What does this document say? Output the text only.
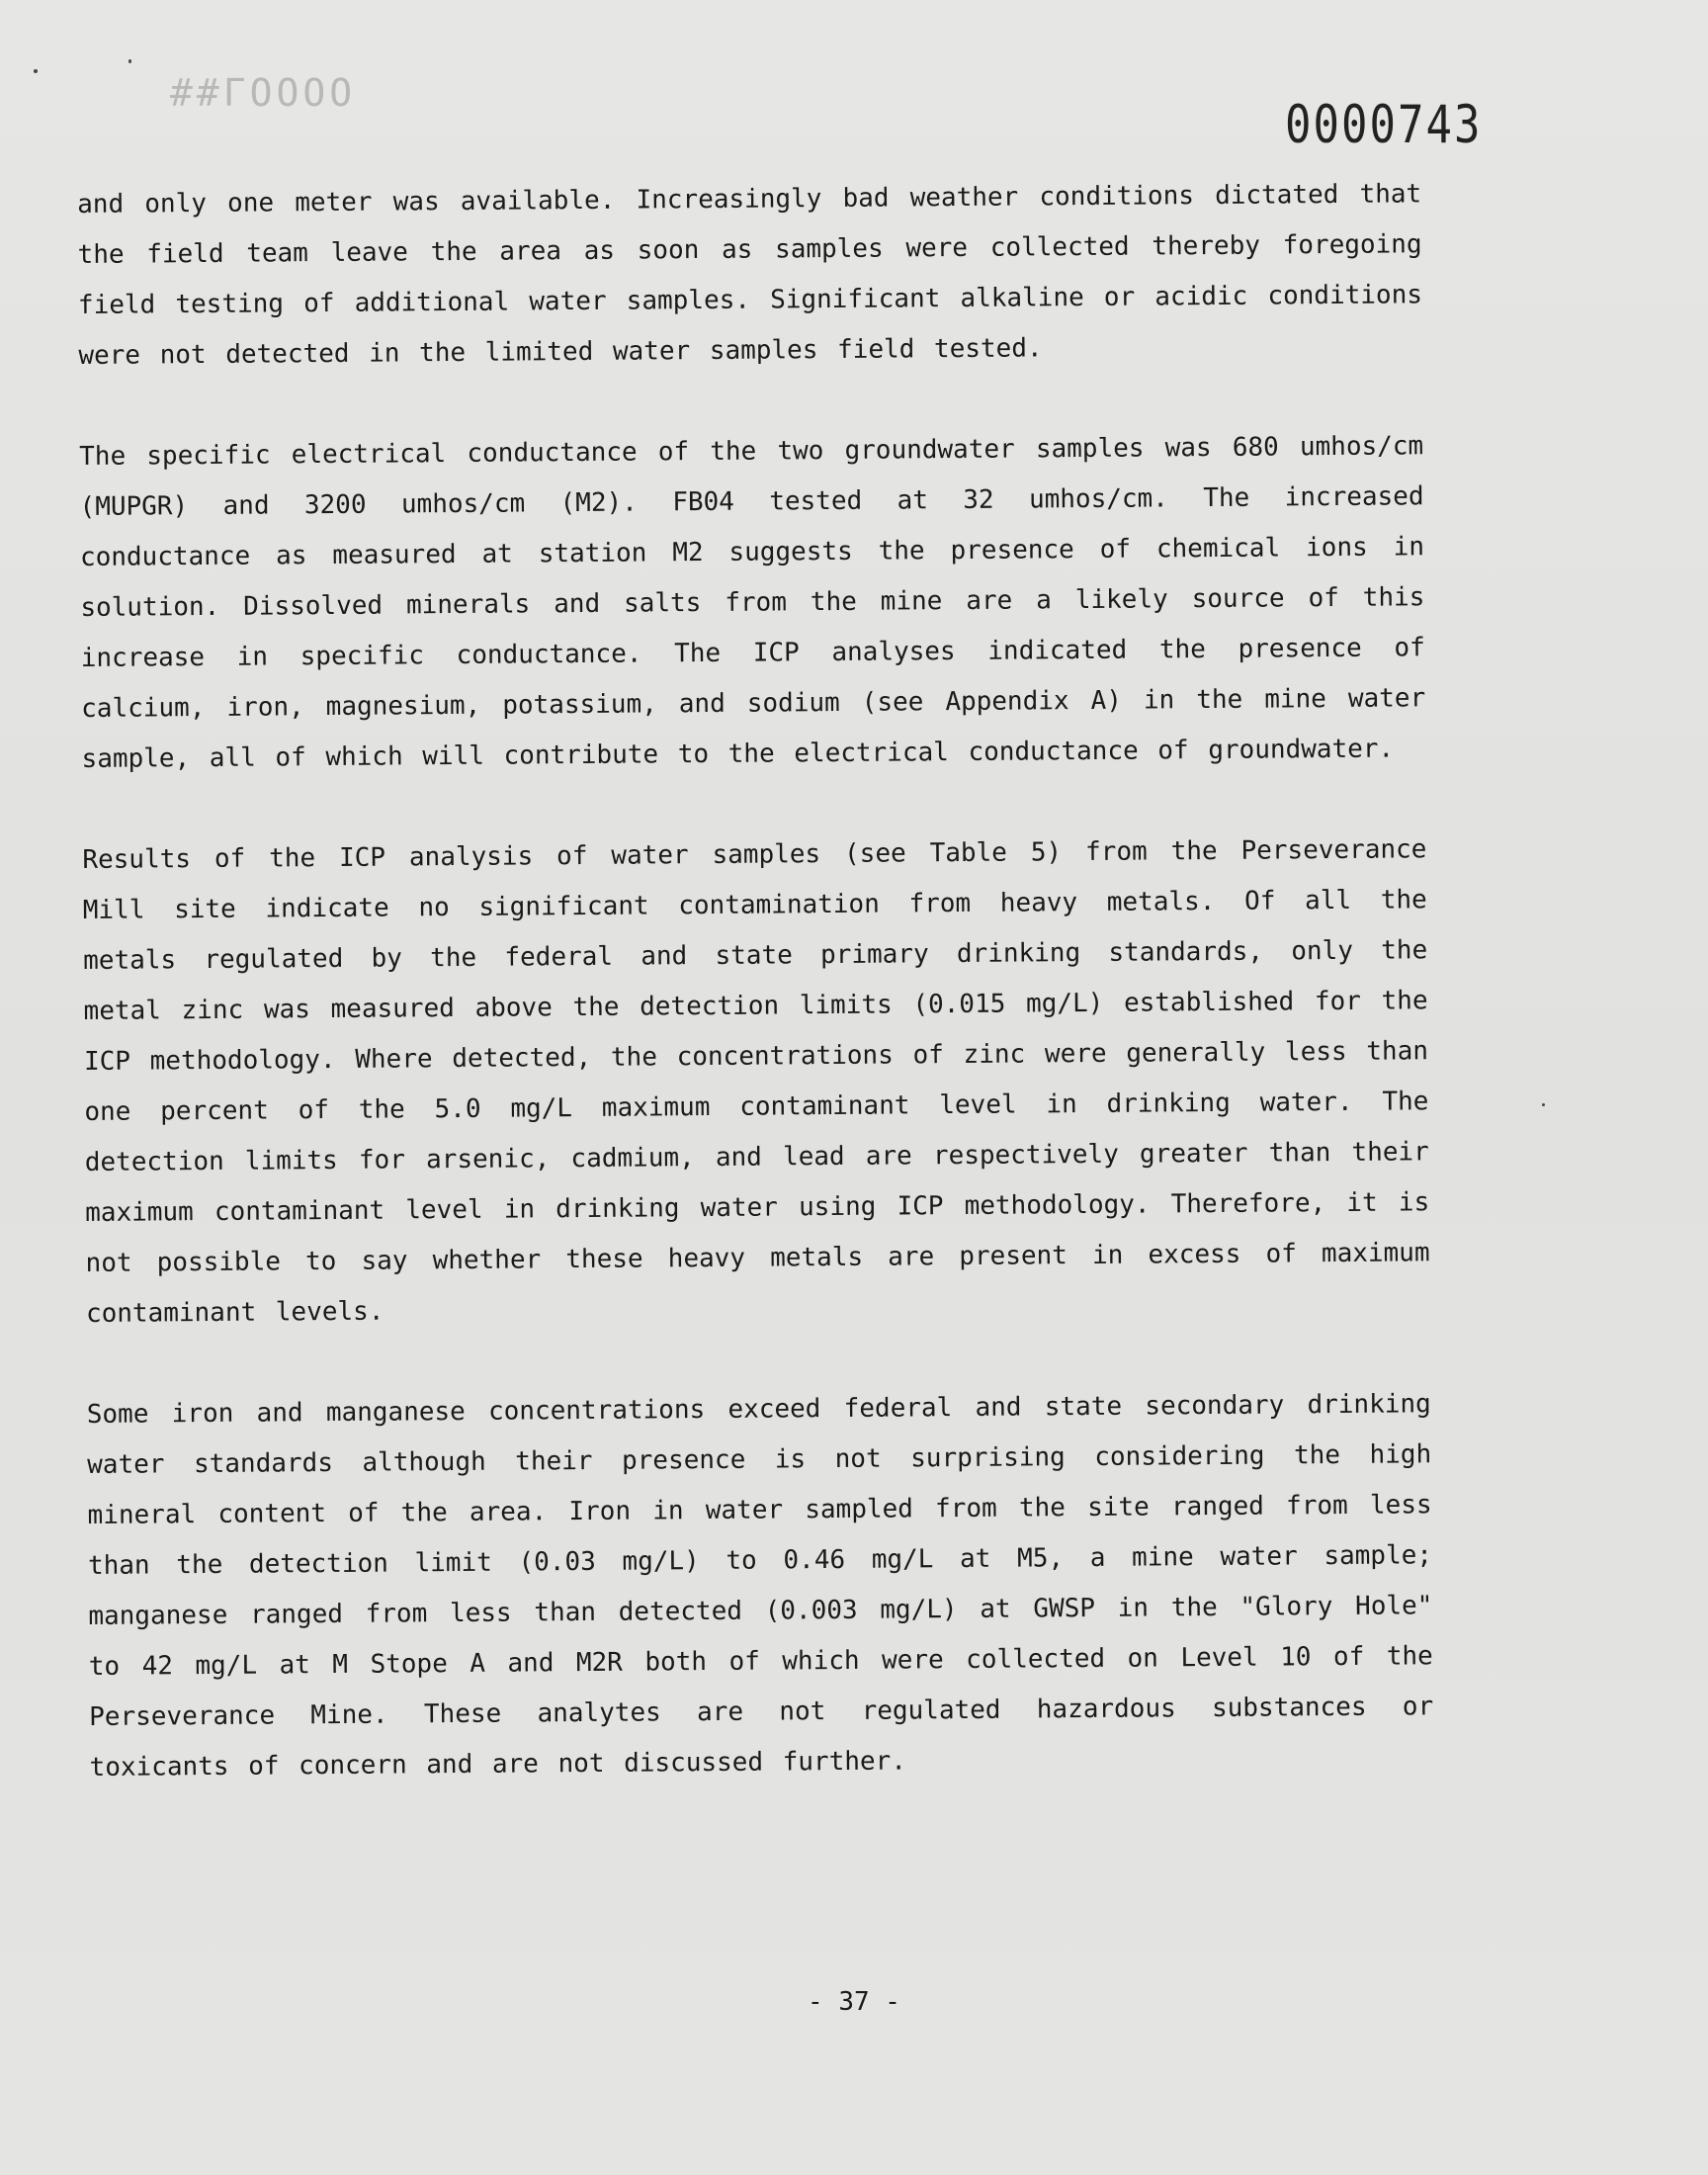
##ГОООО
0000743

and only one meter was available. Increasingly bad weather conditions dictated that the field team leave the area as soon as samples were collected thereby foregoing field testing of additional water samples. Significant alkaline or acidic conditions were not detected in the limited water samples field tested.

The specific electrical conductance of the two groundwater samples was 680 umhos/cm (MUPGR) and 3200 umhos/cm (M2). FB04 tested at 32 umhos/cm. The increased conductance as measured at station M2 suggests the presence of chemical ions in solution. Dissolved minerals and salts from the mine are a likely source of this increase in specific conductance. The ICP analyses indicated the presence of calcium, iron, magnesium, potassium, and sodium (see Appendix A) in the mine water sample, all of which will contribute to the electrical conductance of groundwater.

Results of the ICP analysis of water samples (see Table 5) from the Perseverance Mill site indicate no significant contamination from heavy metals. Of all the metals regulated by the federal and state primary drinking standards, only the metal zinc was measured above the detection limits (0.015 mg/L) established for the ICP methodology. Where detected, the concentrations of zinc were generally less than one percent of the 5.0 mg/L maximum contaminant level in drinking water. The detection limits for arsenic, cadmium, and lead are respectively greater than their maximum contaminant level in drinking water using ICP methodology. Therefore, it is not possible to say whether these heavy metals are present in excess of maximum contaminant levels.

Some iron and manganese concentrations exceed federal and state secondary drinking water standards although their presence is not surprising considering the high mineral content of the area. Iron in water sampled from the site ranged from less than the detection limit (0.03 mg/L) to 0.46 mg/L at M5, a mine water sample; manganese ranged from less than detected (0.003 mg/L) at GWSP in the "Glory Hole" to 42 mg/L at M Stope A and M2R both of which were collected on Level 10 of the Perseverance Mine. These analytes are not regulated hazardous substances or toxicants of concern and are not discussed further.

- 37 -
